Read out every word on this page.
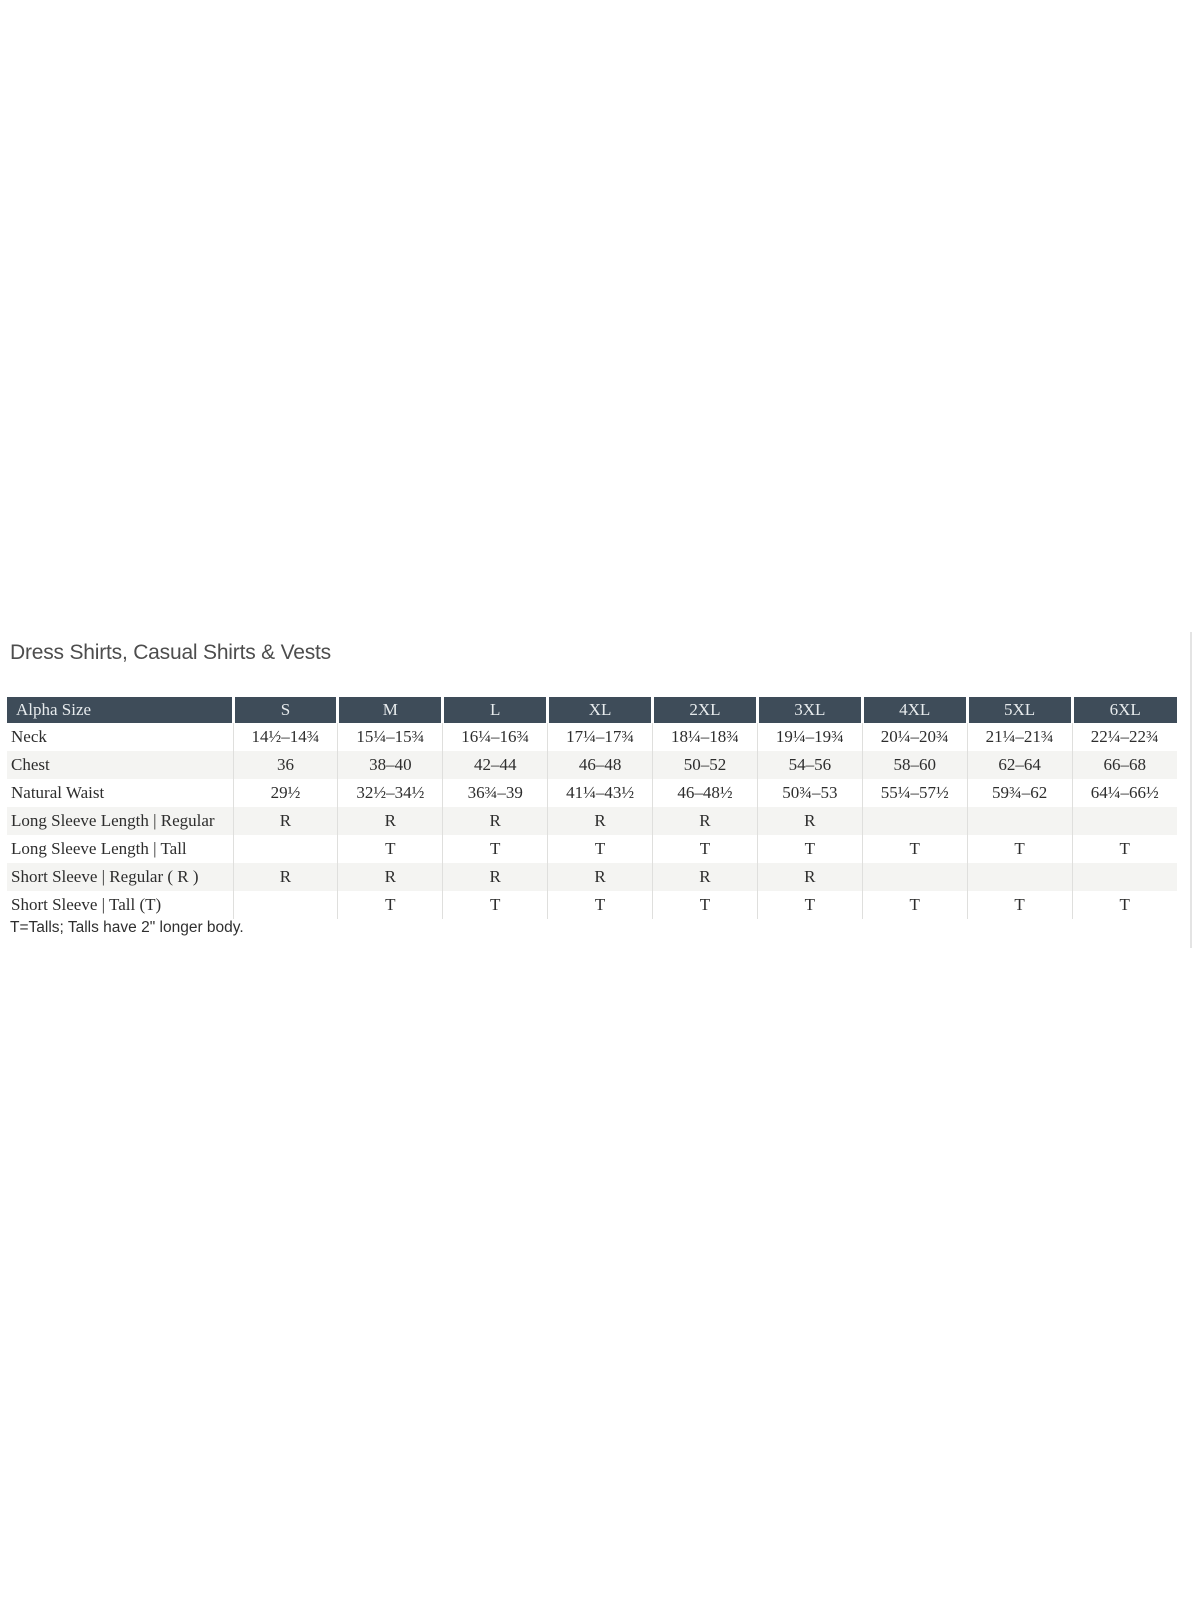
Dress Shirts, Casual Shirts & Vests
Alpha Size	S	M	L	XL	2XL	3XL	4XL	5XL	6XL
Neck	14½–14¾	15¼–15¾	16¼–16¾	17¼–17¾	18¼–18¾	19¼–19¾	20¼–20¾	21¼–21¾	22¼–22¾
Chest	36	38–40	42–44	46–48	50–52	54–56	58–60	62–64	66–68
Natural Waist	29½	32½–34½	36¾–39	41¼–43½	46–48½	50¾–53	55¼–57½	59¾–62	64¼–66½
Long Sleeve Length | Regular	R	R	R	R	R	R			
Long Sleeve Length | Tall		T	T	T	T	T	T	T	T
Short Sleeve | Regular ( R )	R	R	R	R	R	R			
Short Sleeve | Tall (T)		T	T	T	T	T	T	T	T

T=Talls; Talls have 2" longer body.
